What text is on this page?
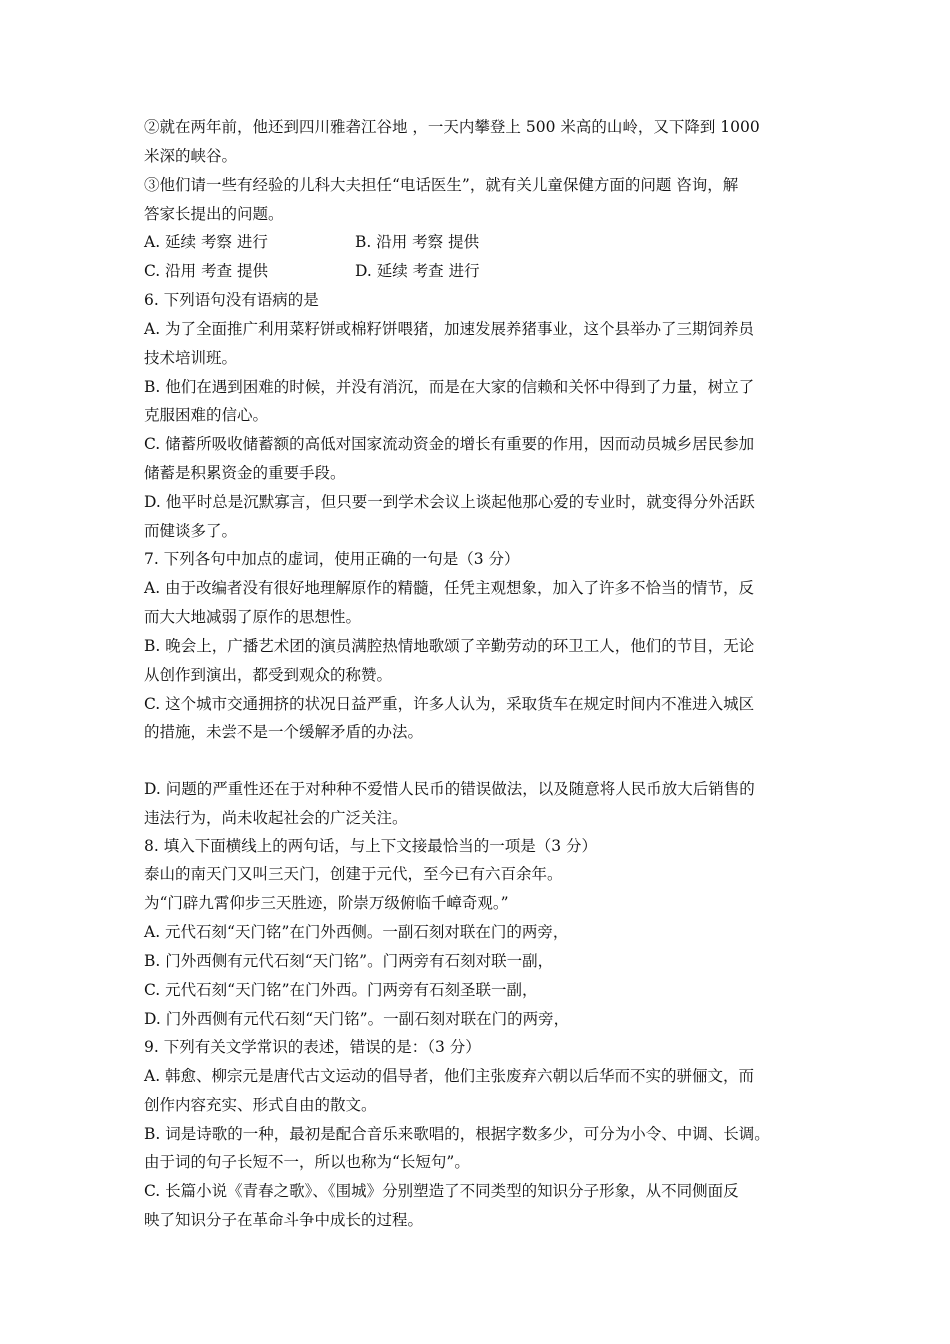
②就在两年前，他还到四川雅砻江谷地 ，一天内攀登上 500 米高的山岭，又下降到 1000
米深的峡谷。
③他们请一些有经验的儿科大夫担任“电话医生”，就有关儿童保健方面的问题 咨询，解
答家长提出的问题。
A. 延续 考察 进行	B. 沿用 考察 提供
C. 沿用 考查 提供	D. 延续 考查 进行
6. 下列语句没有语病的是
A. 为了全面推广利用菜籽饼或棉籽饼喂猪，加速发展养猪事业，这个县举办了三期饲养员
技术培训班。
B. 他们在遇到困难的时候，并没有消沉，而是在大家的信赖和关怀中得到了力量，树立了
克服困难的信心。
C. 储蓄所吸收储蓄额的高低对国家流动资金的增长有重要的作用，因而动员城乡居民参加
储蓄是积累资金的重要手段。
D. 他平时总是沉默寡言，但只要一到学术会议上谈起他那心爱的专业时，就变得分外活跃
而健谈多了。
7. 下列各句中加点的虚词，使用正确的一句是（3 分）
A. 由于改编者没有很好地理解原作的精髓，任凭主观想象，加入了许多不恰当的情节，反
而大大地减弱了原作的思想性。
B. 晚会上，广播艺术团的演员满腔热情地歌颂了辛勤劳动的环卫工人，他们的节目，无论
从创作到演出，都受到观众的称赞。
C. 这个城市交通拥挤的状况日益严重，许多人认为，采取货车在规定时间内不准进入城区
的措施，未尝不是一个缓解矛盾的办法。
D. 问题的严重性还在于对种种不爱惜人民币的错误做法，以及随意将人民币放大后销售的
违法行为，尚未收起社会的广泛关注。
8. 填入下面横线上的两句话，与上下文接最恰当的一项是（3 分）
泰山的南天门又叫三天门，创建于元代，至今已有六百余年。
为“门辟九霄仰步三天胜迹，阶崇万级俯临千嶂奇观。”
A. 元代石刻“天门铭”在门外西侧。一副石刻对联在门的两旁，
B. 门外西侧有元代石刻“天门铭”。门两旁有石刻对联一副，
C. 元代石刻“天门铭”在门外西。门两旁有石刻圣联一副，
D. 门外西侧有元代石刻“天门铭”。一副石刻对联在门的两旁，
9. 下列有关文学常识的表述，错误的是：（3 分）
A. 韩愈、柳宗元是唐代古文运动的倡导者，他们主张废弃六朝以后华而不实的骈俪文，而
创作内容充实、形式自由的散文。
B. 词是诗歌的一种，最初是配合音乐来歌唱的，根据字数多少，可分为小令、中调、长调。
由于词的句子长短不一，所以也称为“长短句”。
C. 长篇小说《青春之歌》、《围城》分别塑造了不同类型的知识分子形象，从不同侧面反
映了知识分子在革命斗争中成长的过程。
